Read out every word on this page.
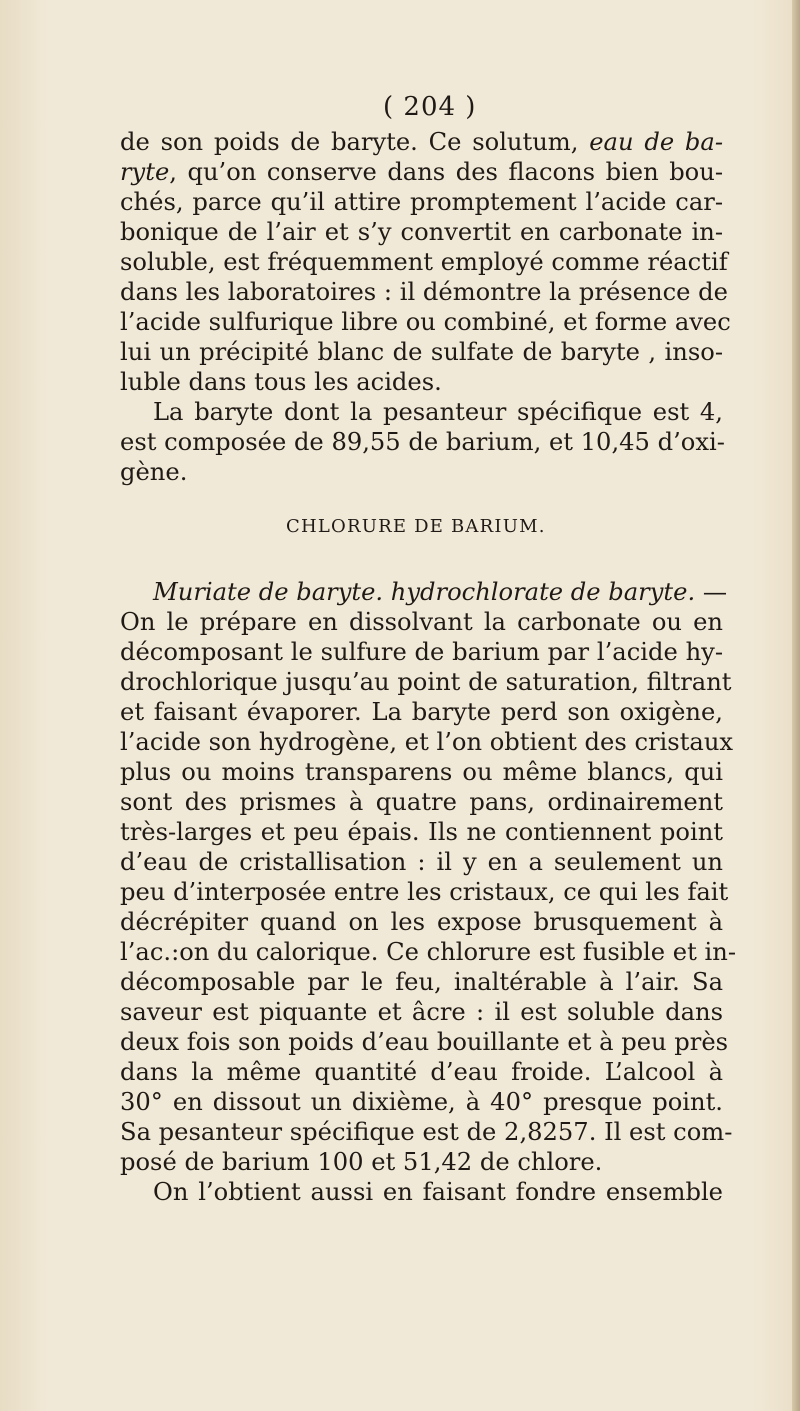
( 204 )
de son poids de baryte. Ce solutum, eau de ba-
ryte, qu’on conserve dans des flacons bien bou-
chés, parce qu’il attire promptement l’acide car-
bonique de l’air et s’y convertit en carbonate in-
soluble, est fréquemment employé comme réactif
dans les laboratoires : il démontre la présence de
l’acide sulfurique libre ou combiné, et forme avec
lui un précipité blanc de sulfate de baryte , inso-
luble dans tous les acides.
La baryte dont la pesanteur spécifique est 4,
est composée de 89,55 de barium, et 10,45 d’oxi-
gène.
CHLORURE DE BARIUM.
Muriate de baryte. hydrochlorate de baryte. —
On le prépare en dissolvant la carbonate ou en
décomposant le sulfure de barium par l’acide hy-
drochlorique jusqu’au point de saturation, filtrant
et faisant évaporer. La baryte perd son oxigène,
l’acide son hydrogène, et l’on obtient des cristaux
plus ou moins transparens ou même blancs, qui
sont des prismes à quatre pans, ordinairement
très-larges et peu épais. Ils ne contiennent point
d’eau de cristallisation : il y en a seulement un
peu d’interposée entre les cristaux, ce qui les fait
décrépiter quand on les expose brusquement à
l’ac.:on du calorique. Ce chlorure est fusible et in-
décomposable par le feu, inaltérable à l’air. Sa
saveur est piquante et âcre : il est soluble dans
deux fois son poids d’eau bouillante et à peu près
dans la même quantité d’eau froide. L’alcool à
30° en dissout un dixième, à 40° presque point.
Sa pesanteur spécifique est de 2,8257. Il est com-
posé de barium 100 et 51,42 de chlore.
On l’obtient aussi en faisant fondre ensemble
